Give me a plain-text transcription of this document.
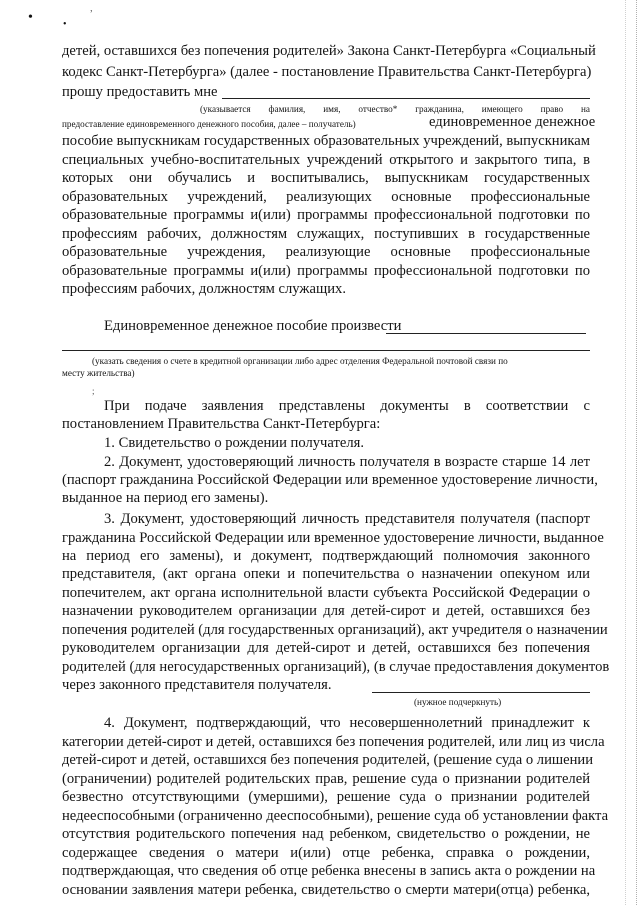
•	•
,
детей, оставшихся без попечения родителей» Закона Санкт-Петербурга «Социальный
кодекс Санкт-Петербурга» (далее - постановление Правительства Санкт-Петербурга)
прошу предоставить мне
(указывается фамилия, имя, отчество* гражданина, имеющего право на
предоставление единовременного денежного пособия, далее – получатель)	единовременное денежное
пособие выпускникам государственных образовательных учреждений, выпускникам
специальных учебно-воспитательных учреждений открытого и закрытого типа, в
которых они обучались и воспитывались, выпускникам государственных
образовательных учреждений, реализующих основные профессиональные
образовательные программы и(или) программы профессиональной подготовки по
профессиям рабочих, должностям служащих, поступивших в государственные
образовательные учреждения, реализующие основные профессиональные
образовательные программы и(или) программы профессиональной подготовки по
профессиям рабочих, должностям служащих.
Единовременное денежное пособие произвести
(указать сведения о счете в кредитной организации либо адрес отделения Федеральной почтовой связи по
месту жительства)
;
При подаче заявления представлены документы в соответствии с
постановлением Правительства Санкт-Петербурга:
1. Свидетельство о рождении получателя.
2. Документ, удостоверяющий личность получателя в возрасте старше 14 лет
(паспорт гражданина Российской Федерации или временное удостоверение личности,
выданное на период его замены).
3. Документ, удостоверяющий личность представителя получателя (паспорт
гражданина Российской Федерации или временное удостоверение личности, выданное
на период его замены), и документ, подтверждающий полномочия законного
представителя, (акт органа опеки и попечительства о назначении опекуном или
попечителем, акт органа исполнительной власти субъекта Российской Федерации о
назначении руководителем организации для детей-сирот и детей, оставшихся без
попечения родителей (для государственных организаций), акт учредителя о назначении
руководителем организации для детей-сирот и детей, оставшихся без попечения
родителей (для негосударственных организаций), (в случае предоставления документов
через законного представителя получателя.
(нужное подчеркнуть)
4. Документ, подтверждающий, что несовершеннолетний принадлежит к
категории детей-сирот и детей, оставшихся без попечения родителей, или лиц из числа
детей-сирот и детей, оставшихся без попечения родителей, (решение суда о лишении
(ограничении) родителей родительских прав, решение суда о признании родителей
безвестно отсутствующими (умершими), решение суда о признании родителей
недееспособными (ограниченно дееспособными), решение суда об установлении факта
отсутствия родительского попечения над ребенком, свидетельство о рождении, не
содержащее сведения о матери и(или) отце ребенка, справка о рождении,
подтверждающая, что сведения об отце ребенка внесены в запись акта о рождении на
основании заявления матери ребенка, свидетельство о смерти матери(отца) ребенка,
